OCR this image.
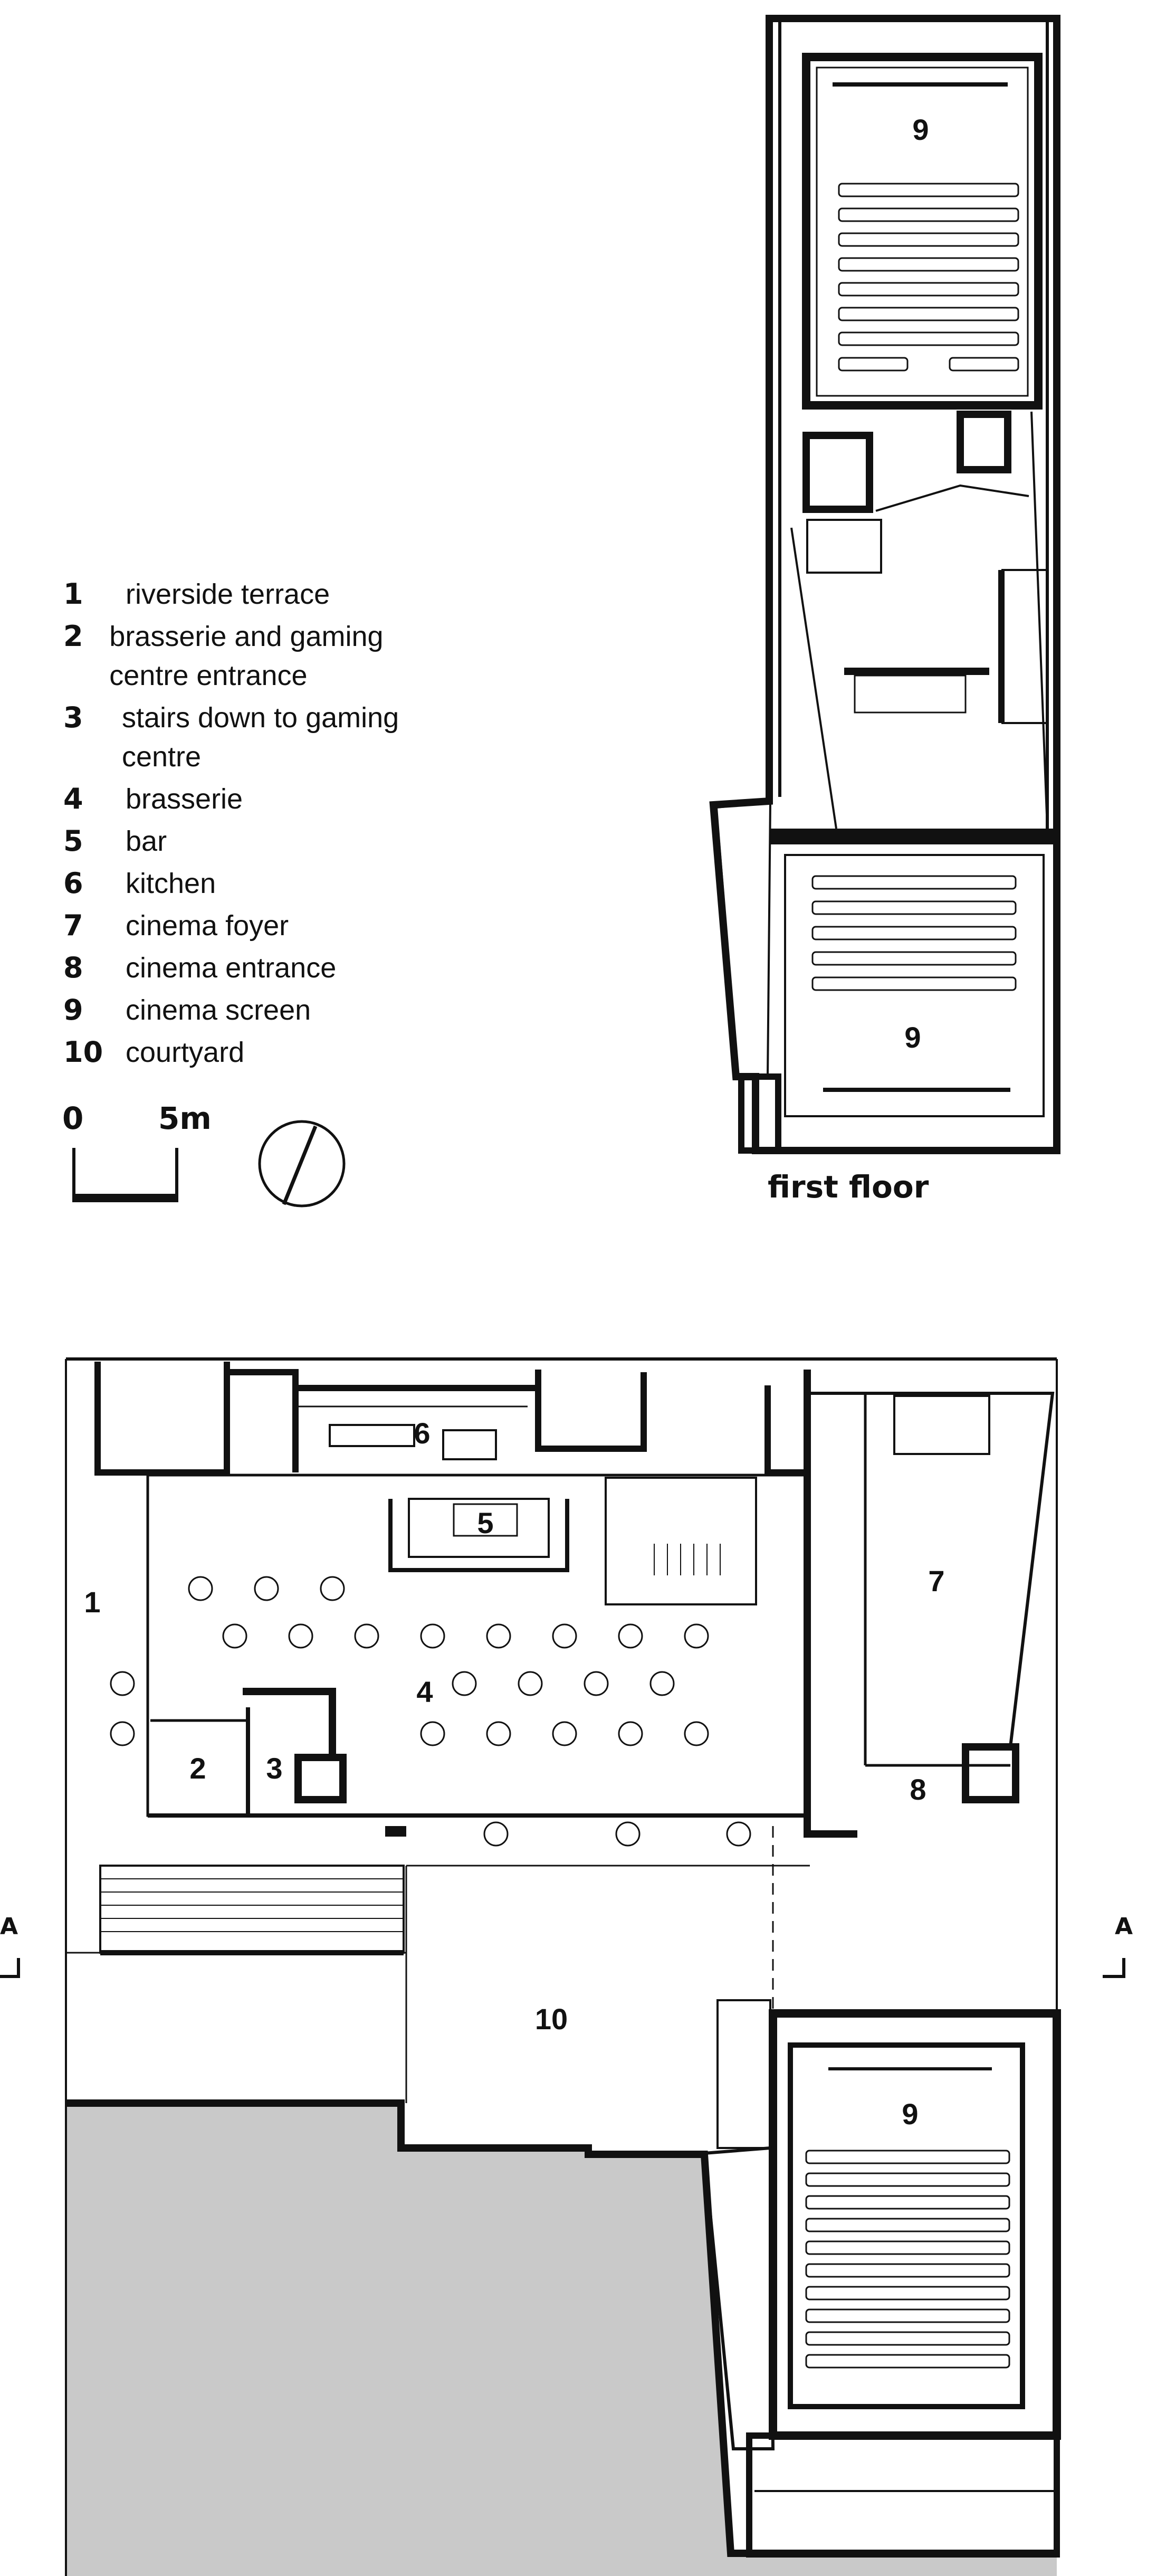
9
9
1
2 3
4
5
6
7
8
9
10
1	riverside terrace
2 brasserie and gaming centre entrance
3	stairs down to gaming centre
4	brasserie
5	bar
6	kitchen
7	cinema foyer
8	cinema entrance
9	cinema screen
10 courtyard
0 5m
first floor
A	A
